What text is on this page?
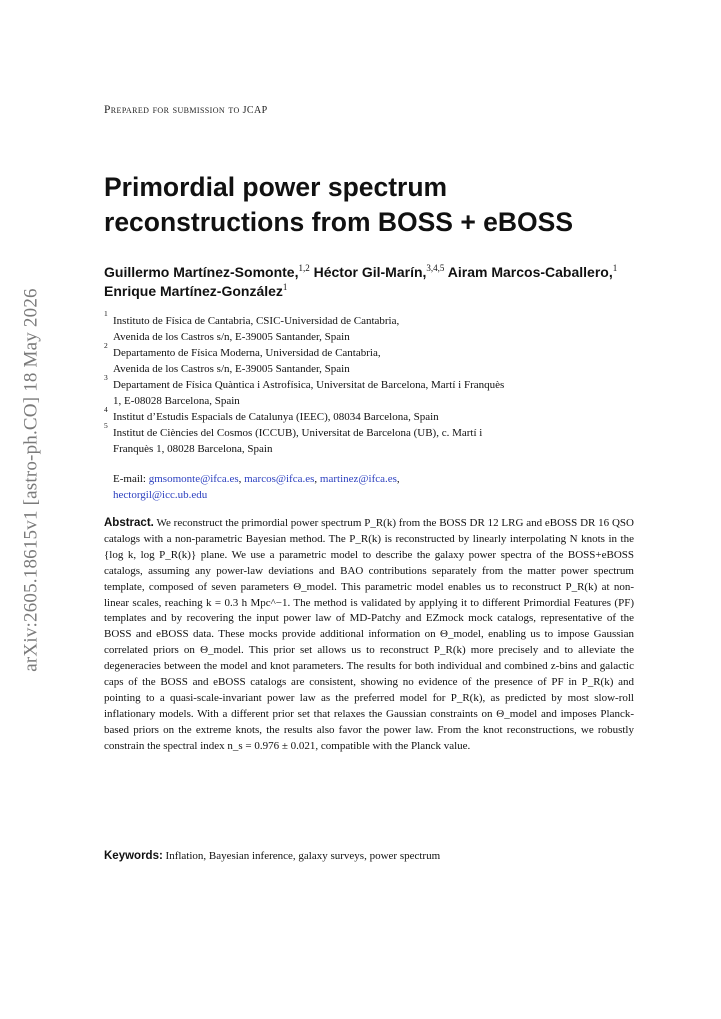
arXiv:2605.18615v1 [astro-ph.CO] 18 May 2026
Prepared for submission to JCAP
Primordial power spectrum
reconstructions from BOSS + eBOSS
Guillermo Martínez-Somonte,$^{1,2}$ Héctor Gil-Marín,$^{3,4,5}$ Airam Marcos-Caballero,$^1$ Enrique Martínez-González$^1$
1
Instituto de Física de Cantabria, CSIC-Universidad de Cantabria,
Avenida de los Castros s/n, E-39005 Santander, Spain
2
Departamento de Física Moderna, Universidad de Cantabria,
Avenida de los Castros s/n, E-39005 Santander, Spain
3
Departament de Física Quàntica i Astrofísica, Universitat de Barcelona, Martí i Franquès
1, E-08028 Barcelona, Spain
4
Institut d’Estudis Espacials de Catalunya (IEEC), 08034 Barcelona, Spain
5
Institut de Ciències del Cosmos (ICCUB), Universitat de Barcelona (UB), c. Martí i
Franquès 1, 08028 Barcelona, Spain
E-mail: gmsomonte@ifca.es, marcos@ifca.es, martinez@ifca.es,
hectorgil@icc.ub.edu
Abstract. We reconstruct the primordial power spectrum P_R(k) from the BOSS DR 12 LRG and eBOSS DR 16 QSO catalogs with a non-parametric Bayesian method. The P_R(k) is reconstructed by linearly interpolating N knots in the {log k, log P_R(k)} plane. We use a parametric model to describe the galaxy power spectra of the BOSS+eBOSS catalogs, assuming any power-law deviations and BAO contributions separately from the matter power spectrum template, composed of seven parameters Θ_model. This parametric model enables us to reconstruct P_R(k) at non-linear scales, reaching k = 0.3 h Mpc^−1. The method is validated by applying it to different Primordial Features (PF) templates and by recovering the input power law of MD-Patchy and EZmock mock catalogs, representative of the BOSS and eBOSS data. These mocks provide additional information on Θ_model, enabling us to impose Gaussian correlated priors on Θ_model. This prior set allows us to reconstruct P_R(k) more precisely and to alleviate the degeneracies between the model and knot parameters. The results for both individual and combined z-bins and galactic caps of the BOSS and eBOSS catalogs are consistent, showing no evidence of the presence of PF in P_R(k) and pointing to a quasi-scale-invariant power law as the preferred model for P_R(k), as predicted by most slow-roll inflationary models. With a different prior set that relaxes the Gaussian constraints on Θ_model and imposes Planck-based priors on the extreme knots, the results also favor the power law. From the knot reconstructions, we robustly constrain the spectral index n_s = 0.976 ± 0.021, compatible with the Planck value.
Keywords: Inflation, Bayesian inference, galaxy surveys, power spectrum
